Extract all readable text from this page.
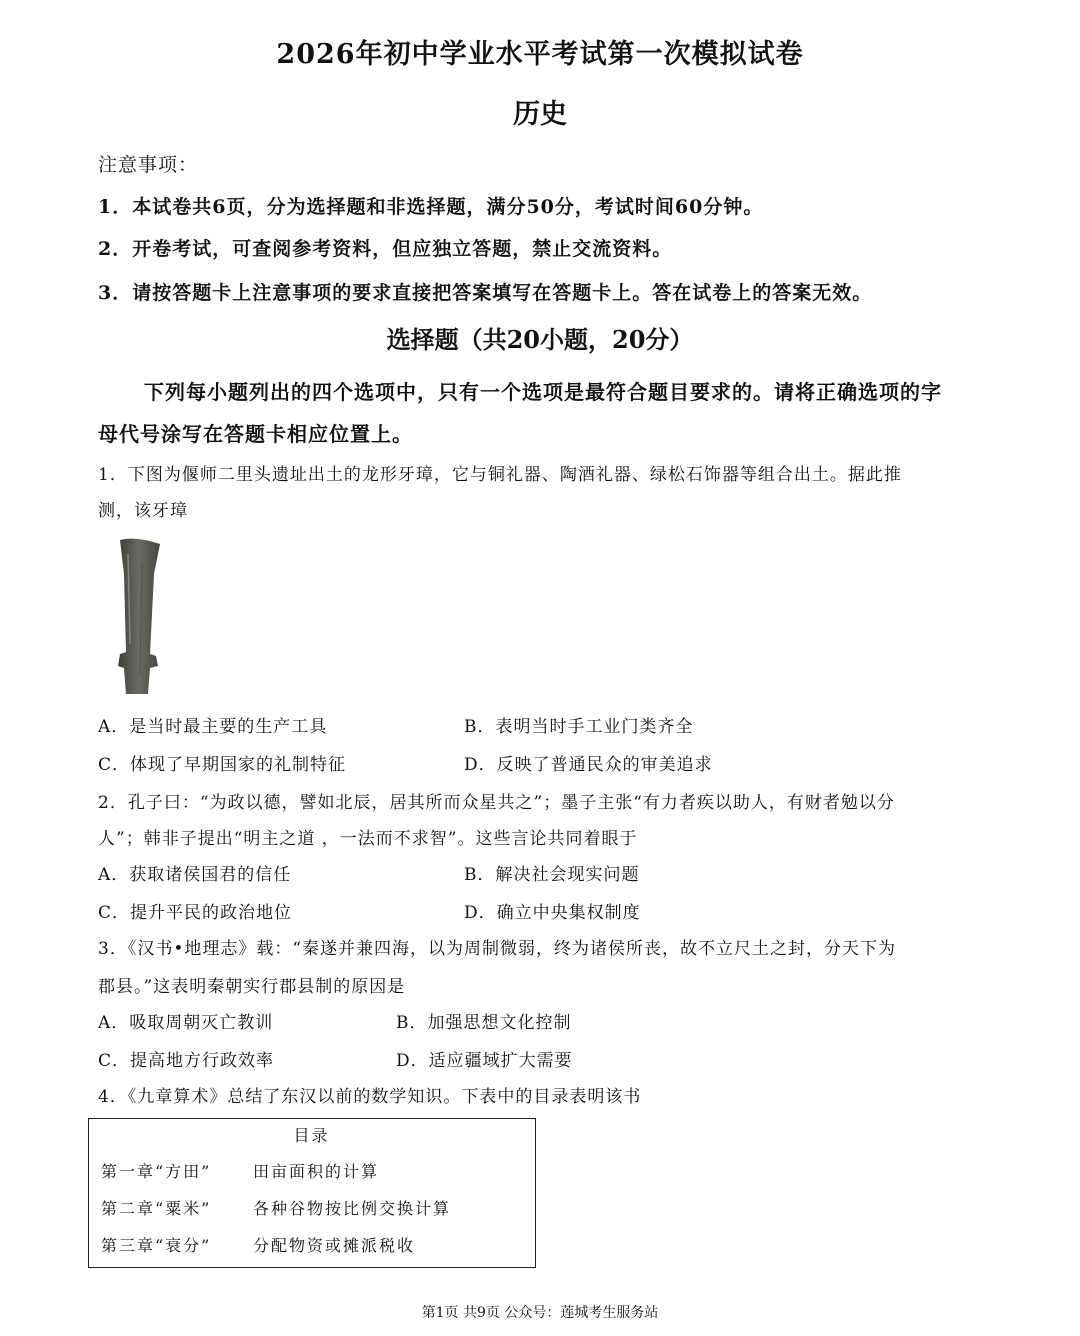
2026年初中学业水平考试第一次模拟试卷
历史
注意事项：
1．本试卷共6页，分为选择题和非选择题，满分50分，考试时间60分钟。
2．开卷考试，可查阅参考资料，但应独立答题，禁止交流资料。
3．请按答题卡上注意事项的要求直接把答案填写在答题卡上。答在试卷上的答案无效。
选择题（共20小题，20分）
下列每小题列出的四个选项中，只有一个选项是最符合题目要求的。请将正确选项的字
母代号涂写在答题卡相应位置上。
1．下图为偃师二里头遗址出土的龙形牙璋，它与铜礼器、陶酒礼器、绿松石饰器等组合出土。据此推
测，该牙璋
A．是当时最主要的生产工具	B．表明当时手工业门类齐全
C．体现了早期国家的礼制特征	D．反映了普通民众的审美追求
2．孔子曰：“为政以德，譬如北辰，居其所而众星共之”；墨子主张“有力者疾以助人，有财者勉以分
人”；韩非子提出“明主之道 ，一法而不求智”。这些言论共同着眼于
A．获取诸侯国君的信任	B．解决社会现实问题
C．提升平民的政治地位	D．确立中央集权制度
3．《汉书•地理志》载：“秦遂并兼四海，以为周制微弱，终为诸侯所丧，故不立尺土之封，分天下为
郡县。”这表明秦朝实行郡县制的原因是
A．吸取周朝灭亡教训	B．加强思想文化控制
C．提高地方行政效率	D．适应疆域扩大需要
4．《九章算术》总结了东汉以前的数学知识。下表中的目录表明该书
目录
第一章“方田”	田亩面积的计算
第二章“粟米”	各种谷物按比例交换计算
第三章“衰分”	分配物资或摊派税收
第1页 共9页 公众号：莲城考生服务站
